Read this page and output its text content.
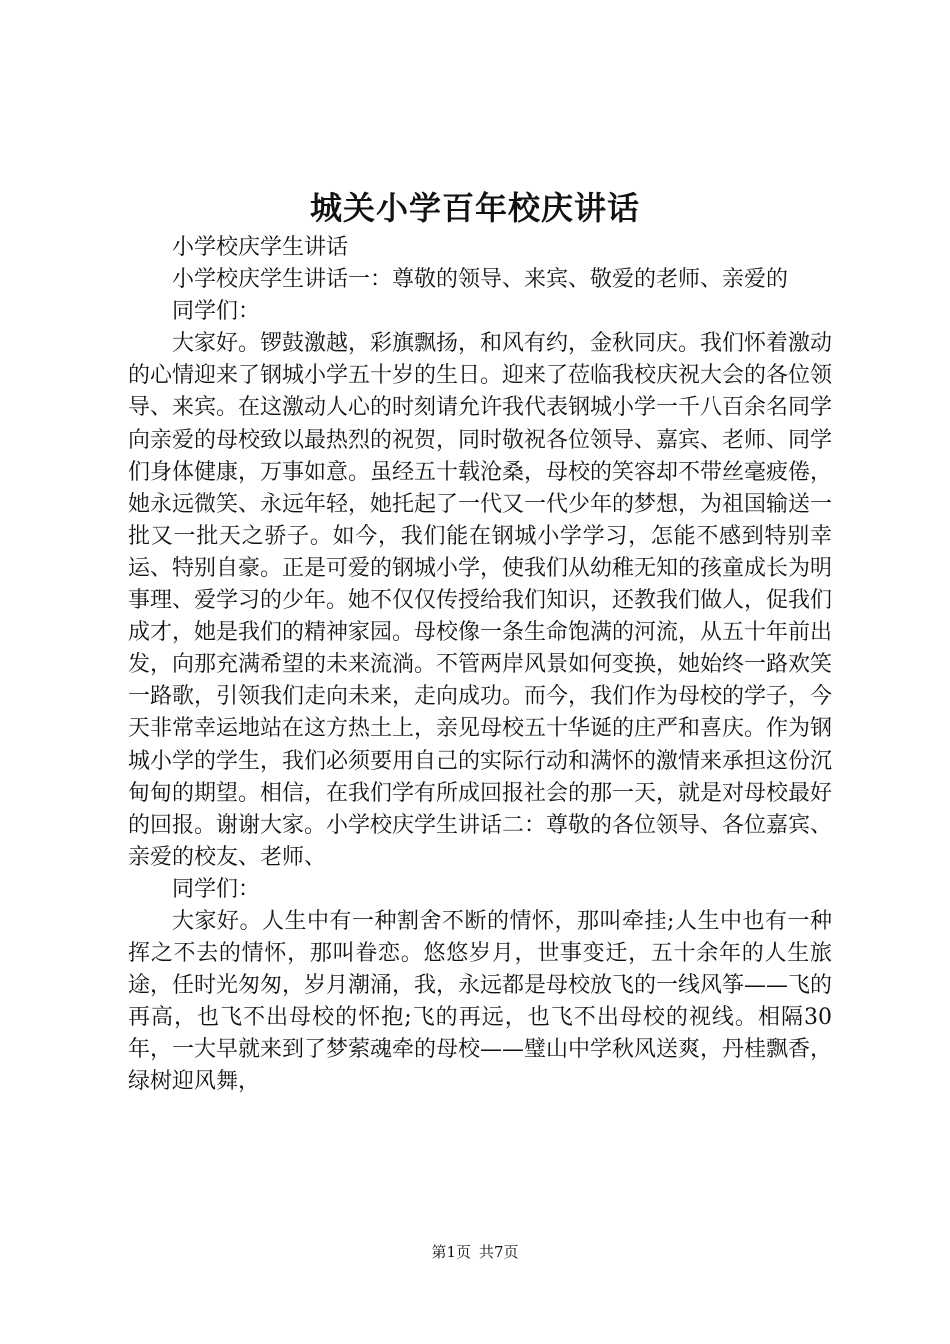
城关小学百年校庆讲话

小学校庆学生讲话

小学校庆学生讲话一：尊敬的领导、来宾、敬爱的老师、亲爱的

同学们：

大家好。锣鼓激越，彩旗飘扬，和风有约，金秋同庆。我们怀着激动的心情迎来了钢城小学五十岁的生日。迎来了莅临我校庆祝大会的各位领导、来宾。在这激动人心的时刻请允许我代表钢城小学一千八百余名同学向亲爱的母校致以最热烈的祝贺，同时敬祝各位领导、嘉宾、老师、同学们身体健康，万事如意。虽经五十载沧桑，母校的笑容却不带丝毫疲倦，她永远微笑、永远年轻，她托起了一代又一代少年的梦想，为祖国输送一批又一批天之骄子。如今，我们能在钢城小学学习，怎能不感到特别幸运、特别自豪。正是可爱的钢城小学，使我们从幼稚无知的孩童成长为明事理、爱学习的少年。她不仅仅传授给我们知识，还教我们做人，促我们成才，她是我们的精神家园。母校像一条生命饱满的河流，从五十年前出发，向那充满希望的未来流淌。不管两岸风景如何变换，她始终一路欢笑一路歌，引领我们走向未来，走向成功。而今，我们作为母校的学子，今天非常幸运地站在这方热土上，亲见母校五十华诞的庄严和喜庆。作为钢城小学的学生，我们必须要用自己的实际行动和满怀的激情来承担这份沉甸甸的期望。相信，在我们学有所成回报社会的那一天，就是对母校最好的回报。谢谢大家。小学校庆学生讲话二：尊敬的各位领导、各位嘉宾、亲爱的校友、老师、

同学们：

大家好。人生中有一种割舍不断的情怀，那叫牵挂;人生中也有一种挥之不去的情怀，那叫眷恋。悠悠岁月，世事变迁，五十余年的人生旅途，任时光匆匆，岁月潮涌，我，永远都是母校放飞的一线风筝——飞的再高，也飞不出母校的怀抱;飞的再远，也飞不出母校的视线。相隔30年，一大早就来到了梦萦魂牵的母校——璧山中学秋风送爽，丹桂飘香，绿树迎风舞，

第1页 共7页
